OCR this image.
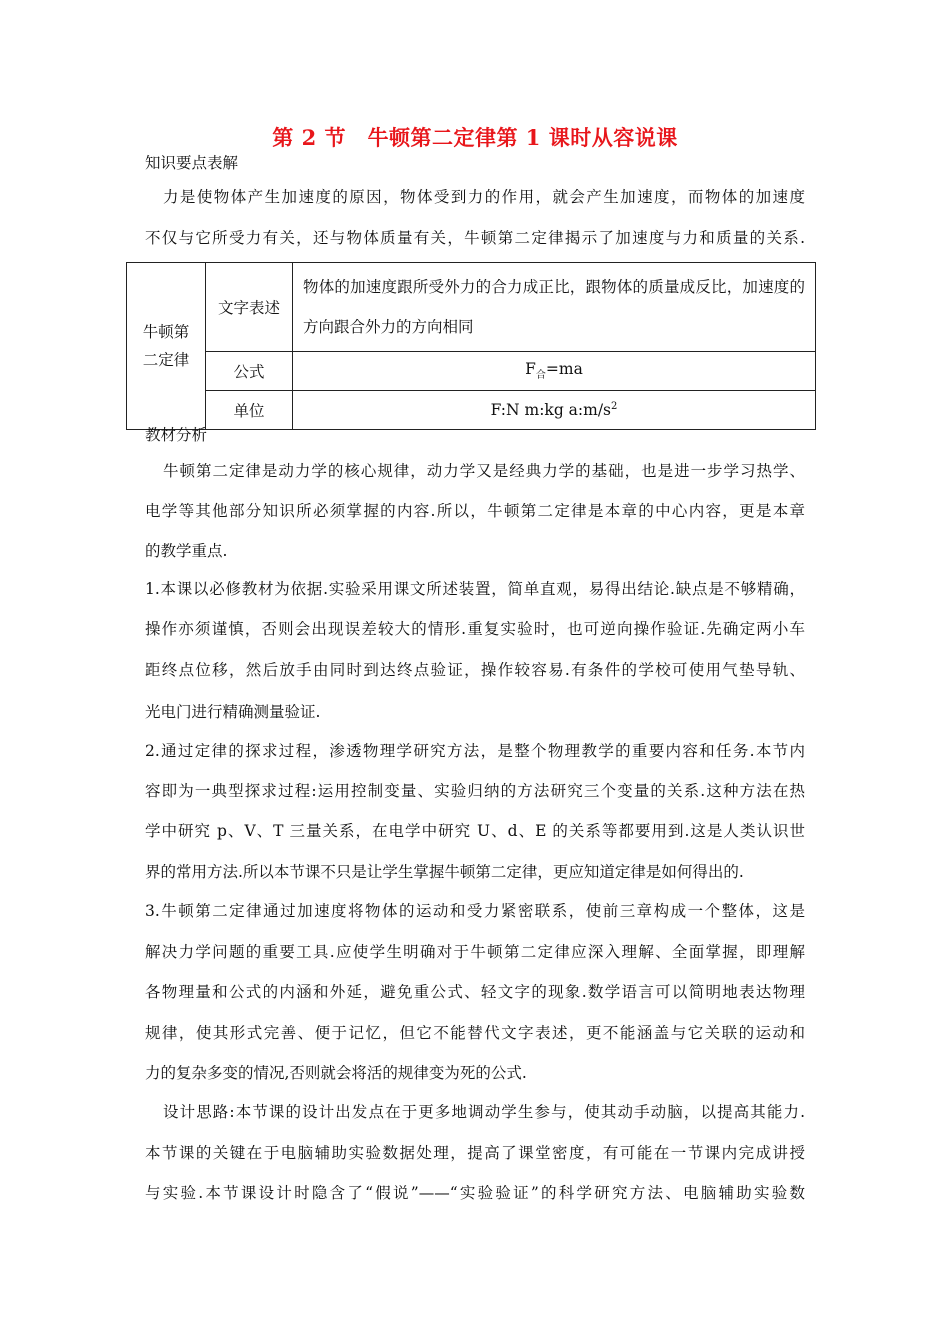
第 2 节　牛顿第二定律第 1 课时从容说课
知识要点表解
力是使物体产生加速度的原因，物体受到力的作用，就会产生加速度，而物体的加速度
不仅与它所受力有关，还与物体质量有关，牛顿第二定律揭示了加速度与力和质量的关系.
牛顿第二定律	文字表述	物体的加速度跟所受外力的合力成正比，跟物体的质量成反比，加速度的方向跟合外力的方向相同
	公式	$F_合=ma$
	单位	F:N m:kg $a:m/s^2$
教材分析
牛顿第二定律是动力学的核心规律，动力学又是经典力学的基础，也是进一步学习热学、
电学等其他部分知识所必须掌握的内容.所以，牛顿第二定律是本章的中心内容，更是本章
的教学重点.
1.本课以必修教材为依据.实验采用课文所述装置，简单直观，易得出结论.缺点是不够精确，
操作亦须谨慎，否则会出现误差较大的情形.重复实验时，也可逆向操作验证.先确定两小车
距终点位移，然后放手由同时到达终点验证，操作较容易.有条件的学校可使用气垫导轨、
光电门进行精确测量验证.
2.通过定律的探求过程，渗透物理学研究方法，是整个物理教学的重要内容和任务.本节内
容即为一典型探求过程:运用控制变量、实验归纳的方法研究三个变量的关系.这种方法在热
学中研究 p、V、T 三量关系，在电学中研究 U、d、E 的关系等都要用到.这是人类认识世
界的常用方法.所以本节课不只是让学生掌握牛顿第二定律，更应知道定律是如何得出的.
3.牛顿第二定律通过加速度将物体的运动和受力紧密联系，使前三章构成一个整体，这是
解决力学问题的重要工具.应使学生明确对于牛顿第二定律应深入理解、全面掌握，即理解
各物理量和公式的内涵和外延，避免重公式、轻文字的现象.数学语言可以简明地表达物理
规律，使其形式完善、便于记忆，但它不能替代文字表述，更不能涵盖与它关联的运动和
力的复杂多变的情况,否则就会将活的规律变为死的公式.
设计思路:本节课的设计出发点在于更多地调动学生参与，使其动手动脑，以提高其能力.
本节课的关键在于电脑辅助实验数据处理，提高了课堂密度，有可能在一节课内完成讲授
与实验.本节课设计时隐含了“假说”——“实验验证”的科学研究方法、电脑辅助实验数
